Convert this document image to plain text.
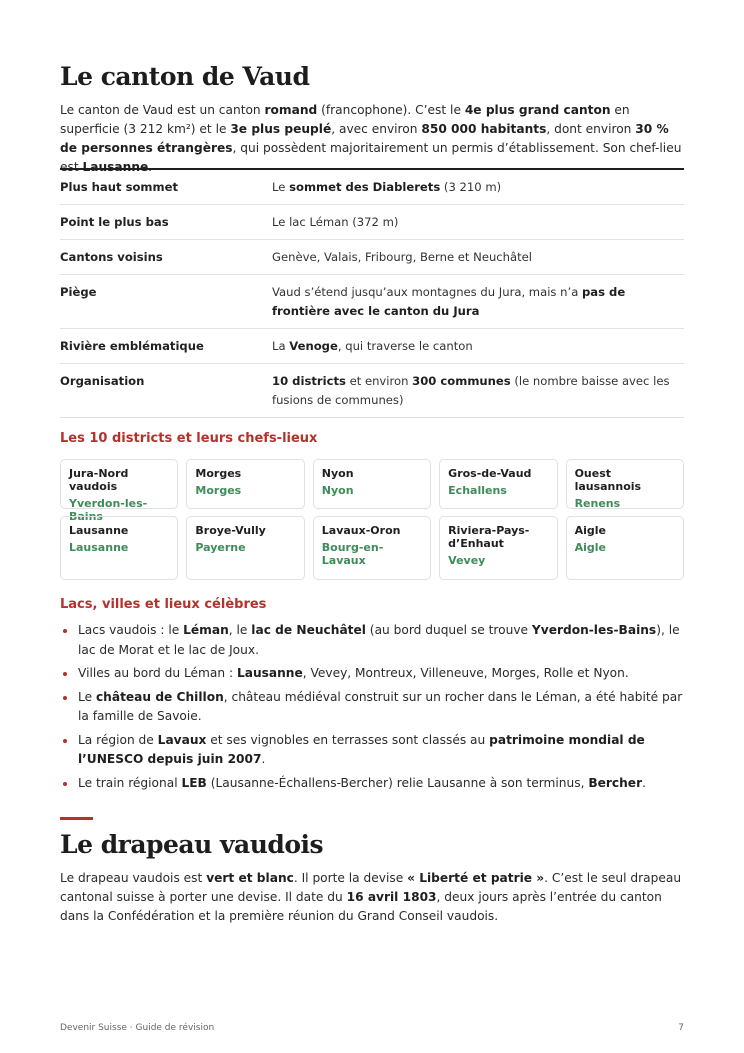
Le canton de Vaud

Le canton de Vaud est un canton romand (francophone). C’est le 4e plus grand canton en superficie (3 212 km²) et le 3e plus peuplé, avec environ 850 000 habitants, dont environ 30 % de personnes étrangères, qui possèdent majoritairement un permis d’établissement. Son chef-lieu est Lausanne.

Plus haut sommet	Le sommet des Diablerets (3 210 m)
Point le plus bas	Le lac Léman (372 m)
Cantons voisins	Genève, Valais, Fribourg, Berne et Neuchâtel
Piège	Vaud s’étend jusqu’aux montagnes du Jura, mais n’a pas de frontière avec le canton du Jura
Rivière emblématique	La Venoge, qui traverse le canton
Organisation	10 districts et environ 300 communes (le nombre baisse avec les fusions de communes)
Les 10 districts et leurs chefs-lieux
Jura-Nord vaudois
Yverdon-les-Bains
Morges
Morges
Nyon
Nyon
Gros-de-Vaud
Echallens
Ouest lausannois
Renens
Lausanne
Lausanne
Broye-Vully
Payerne
Lavaux-Oron
Bourg-en-Lavaux
Riviera-Pays-d’Enhaut
Vevey
Aigle
Aigle
Lacs, villes et lieux célèbres
Lacs vaudois : le Léman, le lac de Neuchâtel (au bord duquel se trouve Yverdon-les-Bains), le lac de Morat et le lac de Joux.
Villes au bord du Léman : Lausanne, Vevey, Montreux, Villeneuve, Morges, Rolle et Nyon.
Le château de Chillon, château médiéval construit sur un rocher dans le Léman, a été habité par la famille de Savoie.
La région de Lavaux et ses vignobles en terrasses sont classés au patrimoine mondial de l’UNESCO depuis juin 2007.
Le train régional LEB (Lausanne-Échallens-Bercher) relie Lausanne à son terminus, Bercher.
Le drapeau vaudois

Le drapeau vaudois est vert et blanc. Il porte la devise « Liberté et patrie ». C’est le seul drapeau cantonal suisse à porter une devise. Il date du 16 avril 1803, deux jours après l’entrée du canton dans la Confédération et la première réunion du Grand Conseil vaudois.

Devenir Suisse · Guide de révision	7
